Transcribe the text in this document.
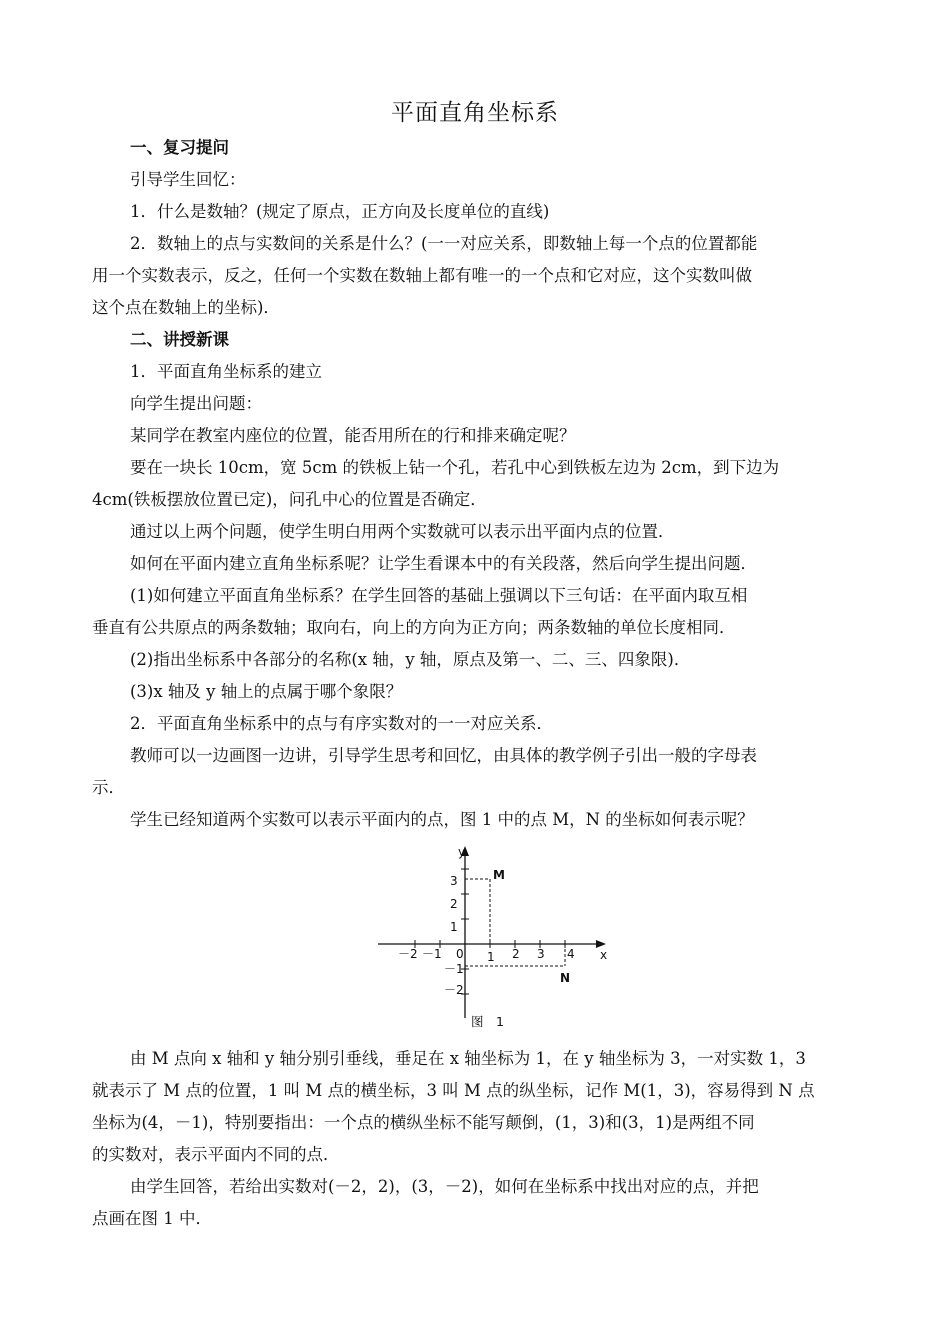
平面直角坐标系
一、复习提问
引导学生回忆：
1．什么是数轴？(规定了原点，正方向及长度单位的直线)
2．数轴上的点与实数间的关系是什么？(一一对应关系，即数轴上每一个点的位置都能
用一个实数表示，反之，任何一个实数在数轴上都有唯一的一个点和它对应，这个实数叫做
这个点在数轴上的坐标)．
二、讲授新课
1．平面直角坐标系的建立
向学生提出问题：
某同学在教室内座位的位置，能否用所在的行和排来确定呢？
要在一块长 10cm，宽 5cm 的铁板上钻一个孔，若孔中心到铁板左边为 2cm，到下边为
4cm(铁板摆放位置已定)，问孔中心的位置是否确定．
通过以上两个问题，使学生明白用两个实数就可以表示出平面内点的位置．
如何在平面内建立直角坐标系呢？让学生看课本中的有关段落，然后向学生提出问题．
(1)如何建立平面直角坐标系？在学生回答的基础上强调以下三句话：在平面内取互相
垂直有公共原点的两条数轴；取向右，向上的方向为正方向；两条数轴的单位长度相同．
(2)指出坐标系中各部分的名称(x 轴，y 轴，原点及第一、二、三、四象限)．
(3)x 轴及 y 轴上的点属于哪个象限？
2．平面直角坐标系中的点与有序实数对的一一对应关系．
教师可以一边画图一边讲，引导学生思考和回忆，由具体的教学例子引出一般的字母表
示．
学生已经知道两个实数可以表示平面内的点，图 1 中的点 M，N 的坐标如何表示呢？
x
y
0
－2 －1	1 2 3 4
3
2
1
－1
－2
M
N
图　1
由 M 点向 x 轴和 y 轴分别引垂线，垂足在 x 轴坐标为 1，在 y 轴坐标为 3，一对实数 1，3
就表示了 M 点的位置，1 叫 M 点的横坐标，3 叫 M 点的纵坐标，记作 M(1，3)，容易得到 N 点
坐标为(4，－1)，特别要指出：一个点的横纵坐标不能写颠倒，(1，3)和(3，1)是两组不同
的实数对，表示平面内不同的点．
由学生回答，若给出实数对(－2，2)，(3，－2)，如何在坐标系中找出对应的点，并把
点画在图 1 中．
